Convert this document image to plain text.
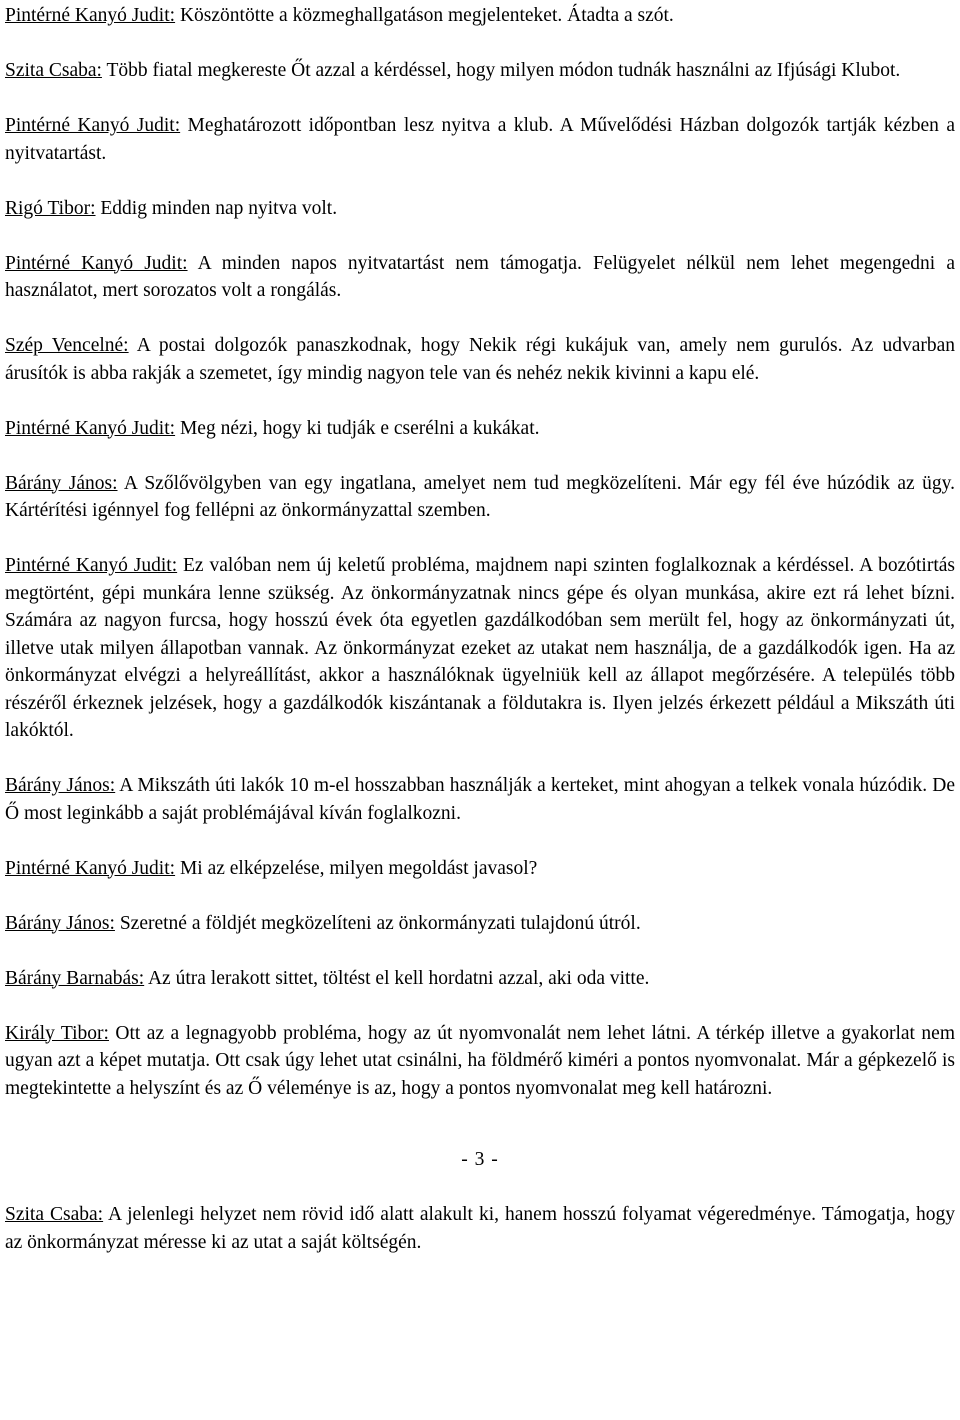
Pintérné Kanyó Judit: Köszöntötte a közmeghallgatáson megjelenteket. Átadta a szót.

Szita Csaba: Több fiatal megkereste Őt azzal a kérdéssel, hogy milyen módon tudnák használni az Ifjúsági Klubot.

Pintérné Kanyó Judit: Meghatározott időpontban lesz nyitva a klub. A Művelődési Házban dolgozók tartják kézben a nyitvatartást.

Rigó Tibor: Eddig minden nap nyitva volt.

Pintérné Kanyó Judit: A minden napos nyitvatartást nem támogatja. Felügyelet nélkül nem lehet megengedni a használatot, mert sorozatos volt a rongálás.

Szép Vencelné: A postai dolgozók panaszkodnak, hogy Nekik régi kukájuk van, amely nem gurulós. Az udvarban árusítók is abba rakják a szemetet, így mindig nagyon tele van és nehéz nekik kivinni a kapu elé.

Pintérné Kanyó Judit: Meg nézi, hogy ki tudják e cserélni a kukákat.

Bárány János: A Szőlővölgyben van egy ingatlana, amelyet nem tud megközelíteni. Már egy fél éve húzódik az ügy. Kártérítési igénnyel fog fellépni az önkormányzattal szemben.

Pintérné Kanyó Judit: Ez valóban nem új keletű probléma, majdnem napi szinten foglalkoznak a kérdéssel. A bozótirtás megtörtént, gépi munkára lenne szükség. Az önkormányzatnak nincs gépe és olyan munkása, akire ezt rá lehet bízni. Számára az nagyon furcsa, hogy hosszú évek óta egyetlen gazdálkodóban sem merült fel, hogy az önkormányzati út, illetve utak milyen állapotban vannak. Az önkormányzat ezeket az utakat nem használja, de a gazdálkodók igen. Ha az önkormányzat elvégzi a helyreállítást, akkor a használóknak ügyelniük kell az állapot megőrzésére. A település több részéről érkeznek jelzések, hogy a gazdálkodók kiszántanak a földutakra is. Ilyen jelzés érkezett például a Mikszáth úti lakóktól.

Bárány János: A Mikszáth úti lakók 10 m-el hosszabban használják a kerteket, mint ahogyan a telkek vonala húzódik. De Ő most leginkább a saját problémájával kíván foglalkozni.

Pintérné Kanyó Judit: Mi az elképzelése, milyen megoldást javasol?

Bárány János: Szeretné a földjét megközelíteni az önkormányzati tulajdonú útról.

Bárány Barnabás: Az útra lerakott sittet, töltést el kell hordatni azzal, aki oda vitte.

Király Tibor: Ott az a legnagyobb probléma, hogy az út nyomvonalát nem lehet látni. A térkép illetve a gyakorlat nem ugyan azt a képet mutatja. Ott csak úgy lehet utat csinálni, ha földmérő kiméri a pontos nyomvonalat. Már a gépkezelő is megtekintette a helyszínt és az Ő véleménye is az, hogy a pontos nyomvonalat meg kell határozni.

- 3 -

Szita Csaba: A jelenlegi helyzet nem rövid idő alatt alakult ki, hanem hosszú folyamat végeredménye. Támogatja, hogy az önkormányzat méresse ki az utat a saját költségén.
